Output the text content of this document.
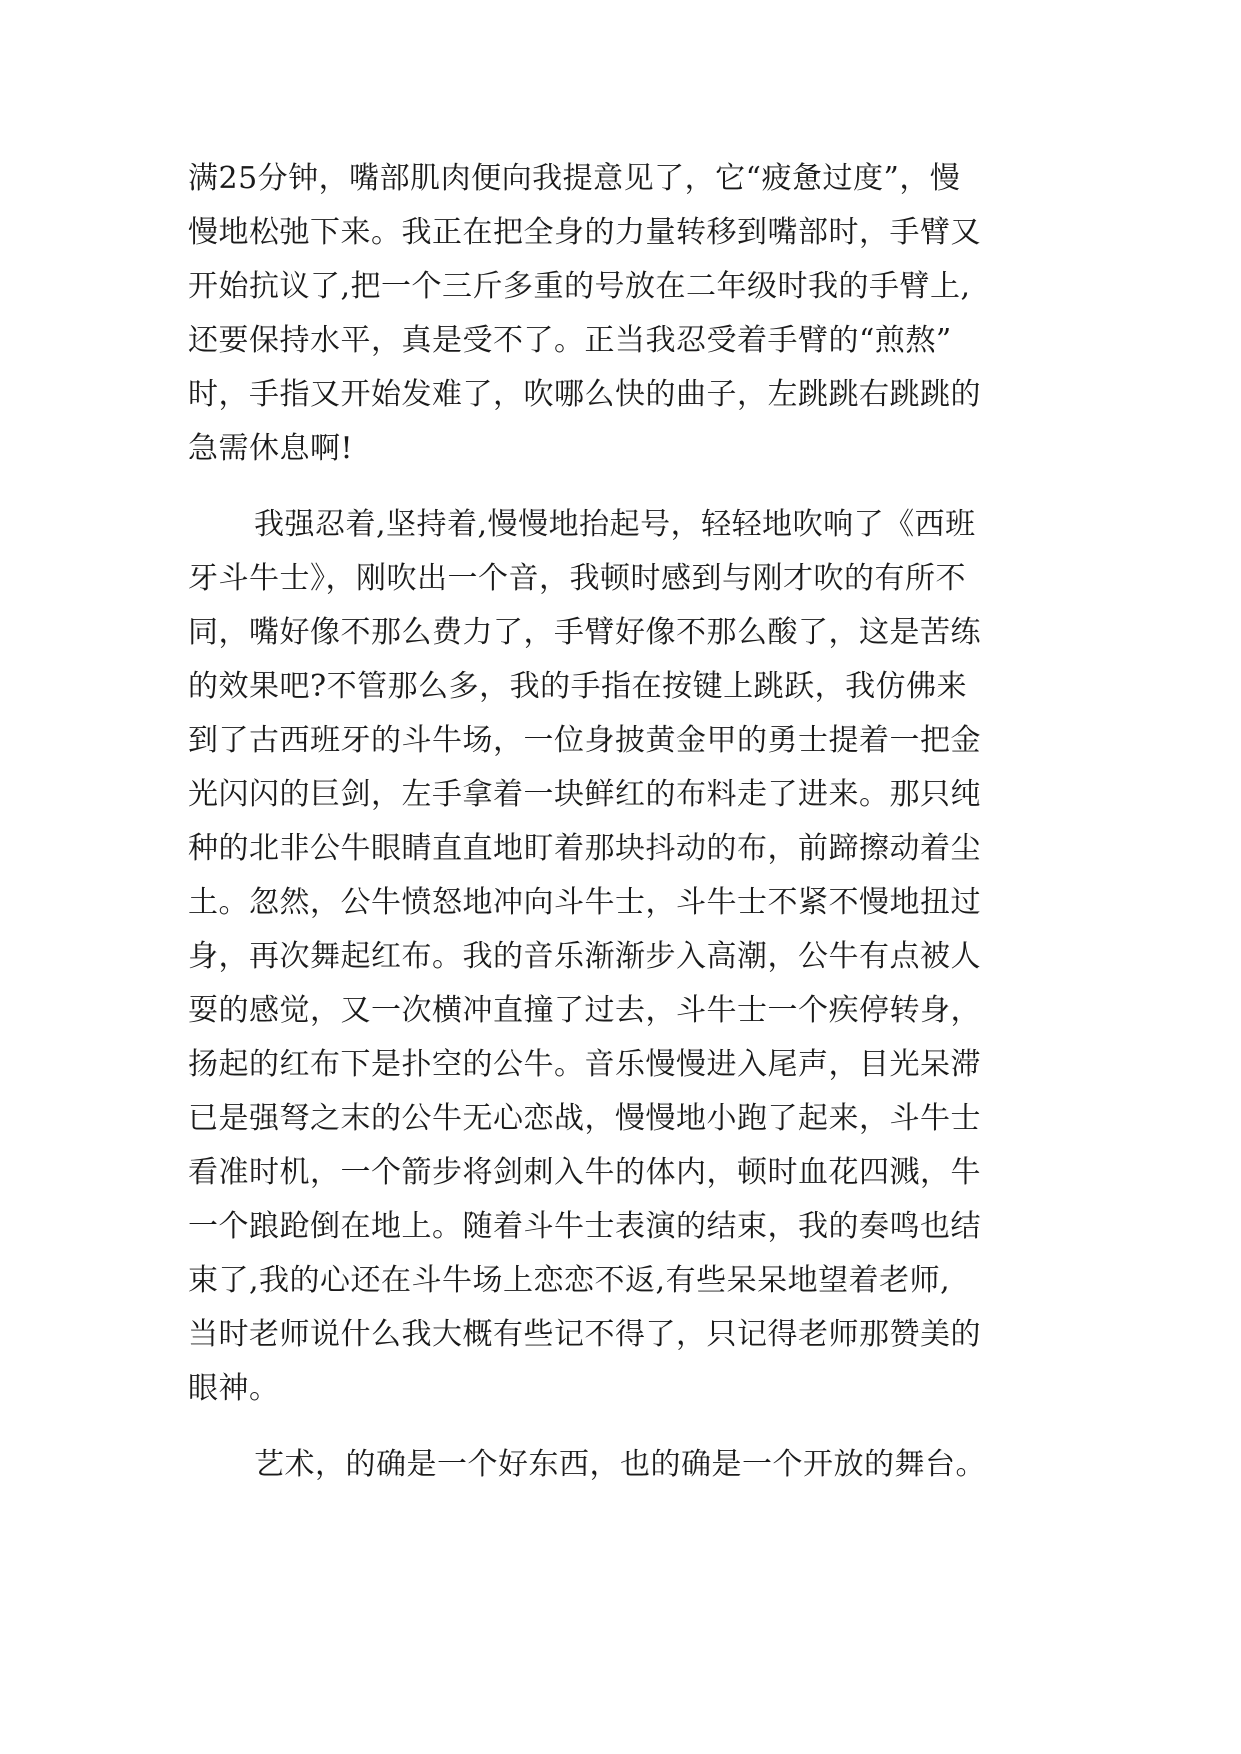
满25分钟，嘴部肌肉便向我提意见了，它“疲惫过度”，慢
慢地松弛下来。我正在把全身的力量转移到嘴部时，手臂又
开始抗议了,把一个三斤多重的号放在二年级时我的手臂上,
还要保持水平，真是受不了。正当我忍受着手臂的“煎熬”
时，手指又开始发难了，吹哪么快的曲子，左跳跳右跳跳的
急需休息啊!
我强忍着,坚持着,慢慢地抬起号，轻轻地吹响了《西班
牙斗牛士》，刚吹出一个音，我顿时感到与刚才吹的有所不
同，嘴好像不那么费力了，手臂好像不那么酸了，这是苦练
的效果吧?不管那么多，我的手指在按键上跳跃，我仿佛来
到了古西班牙的斗牛场，一位身披黄金甲的勇士提着一把金
光闪闪的巨剑，左手拿着一块鲜红的布料走了进来。那只纯
种的北非公牛眼睛直直地盯着那块抖动的布，前蹄擦动着尘
土。忽然，公牛愤怒地冲向斗牛士，斗牛士不紧不慢地扭过
身，再次舞起红布。我的音乐渐渐步入高潮，公牛有点被人
耍的感觉，又一次横冲直撞了过去，斗牛士一个疾停转身，
扬起的红布下是扑空的公牛。音乐慢慢进入尾声，目光呆滞
已是强弩之末的公牛无心恋战，慢慢地小跑了起来，斗牛士
看准时机，一个箭步将剑刺入牛的体内，顿时血花四溅，牛
一个踉跄倒在地上。随着斗牛士表演的结束，我的奏鸣也结
束了,我的心还在斗牛场上恋恋不返,有些呆呆地望着老师,
当时老师说什么我大概有些记不得了，只记得老师那赞美的
眼神。
艺术，的确是一个好东西，也的确是一个开放的舞台。
